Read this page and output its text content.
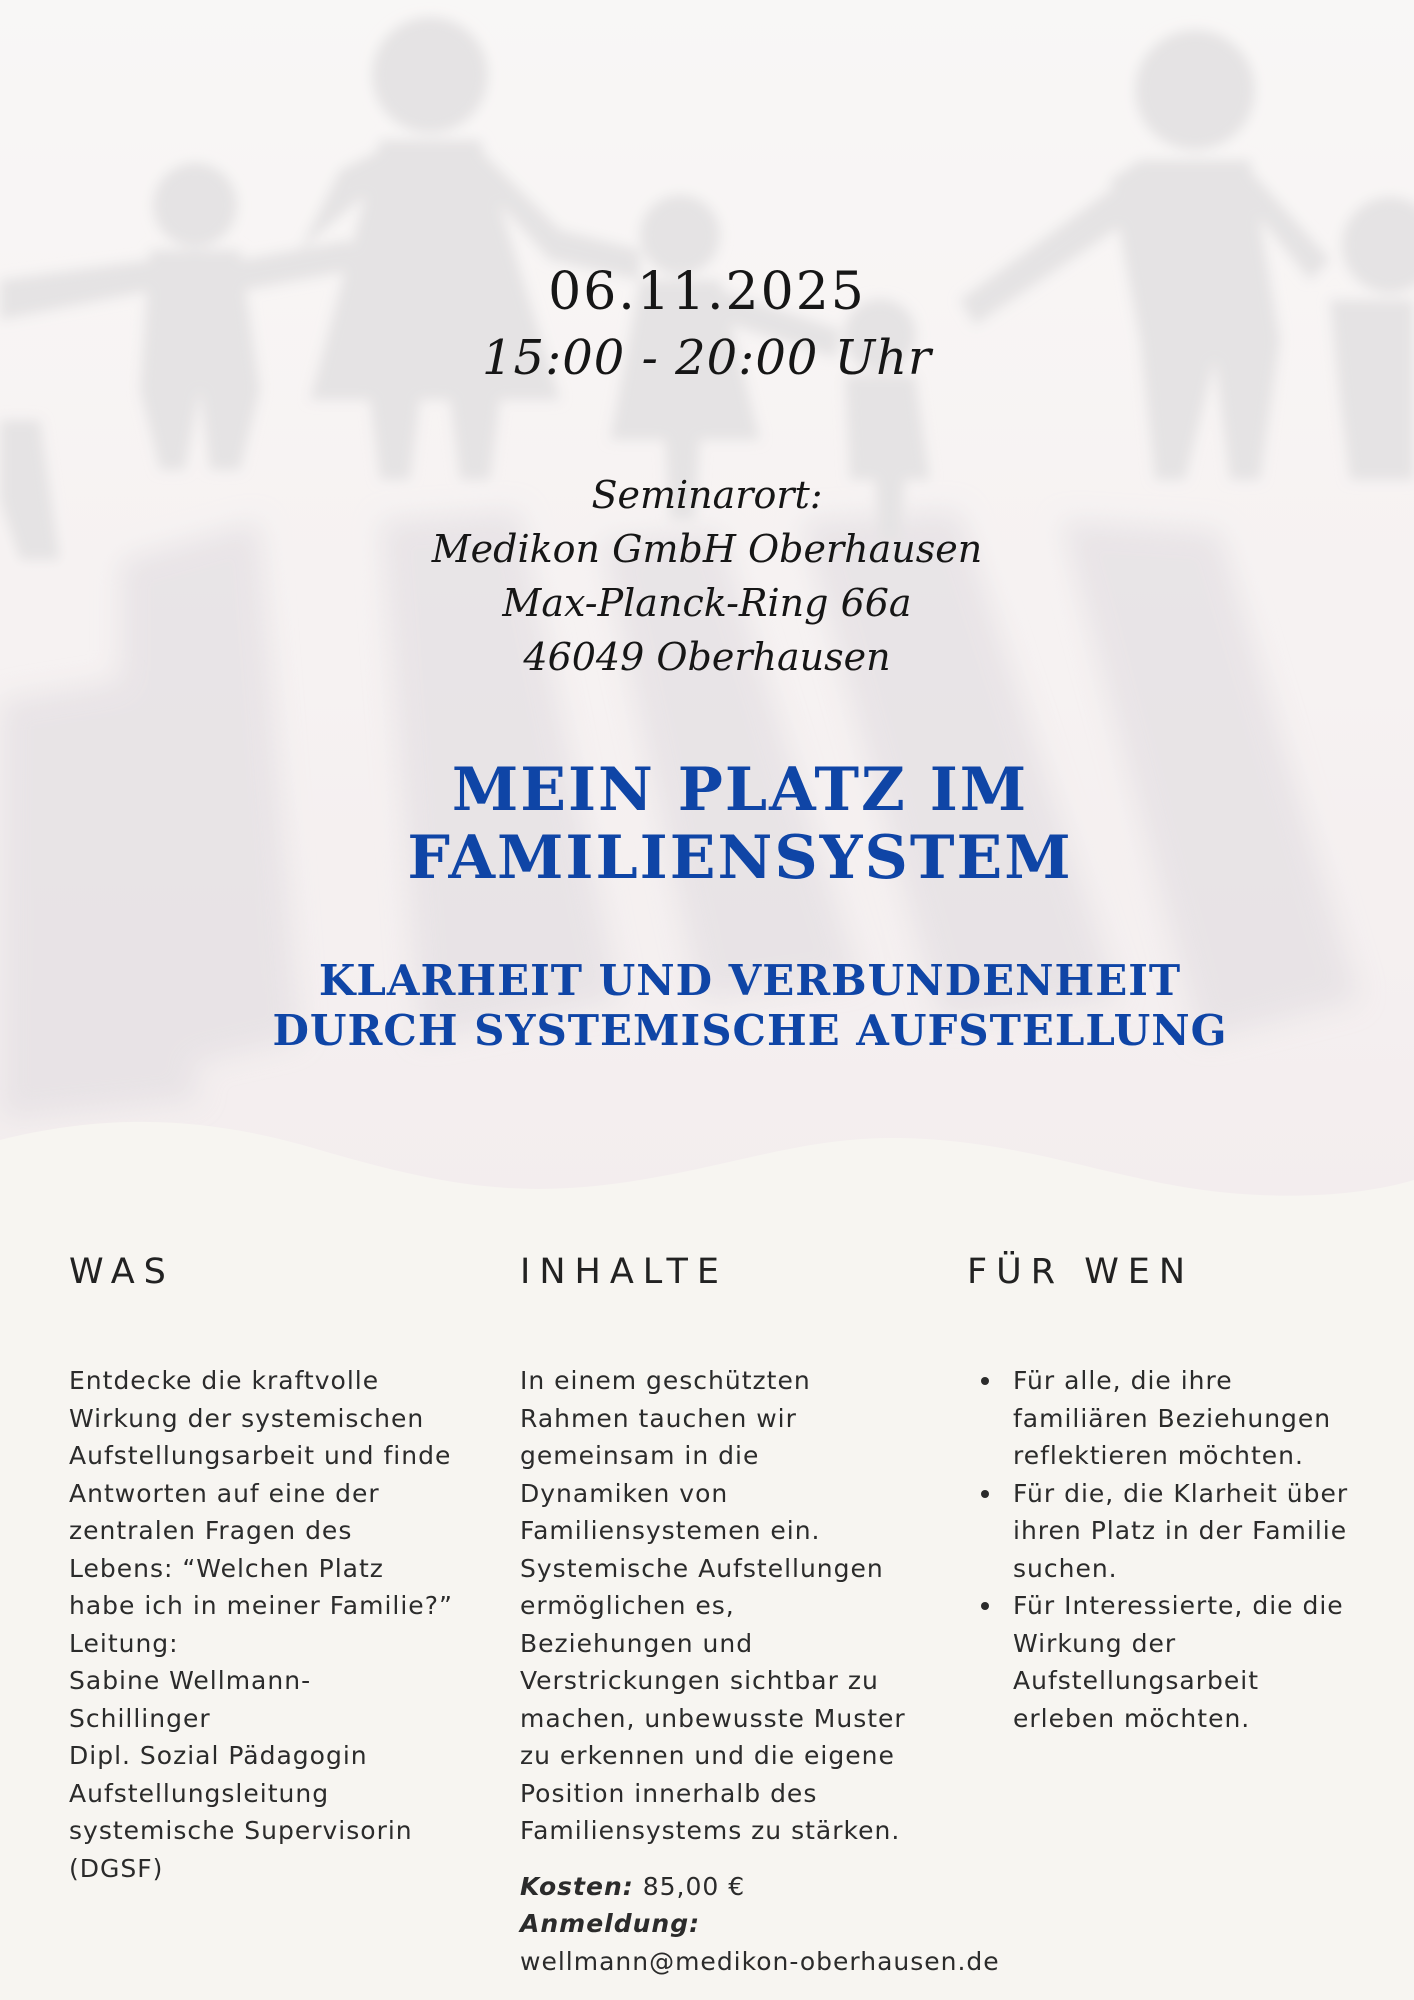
06.11.2025
15:00 - 20:00 Uhr
Seminarort:
Medikon GmbH Oberhausen
Max-Planck-Ring 66a
46049 Oberhausen
MEIN PLATZ IM
FAMILIENSYSTEM
KLARHEIT UND VERBUNDENHEIT
DURCH SYSTEMISCHE AUFSTELLUNG
WAS
Entdecke die kraftvolle
Wirkung der systemischen
Aufstellungsarbeit und finde
Antworten auf eine der
zentralen Fragen des
Lebens: “Welchen Platz
habe ich in meiner Familie?”
Leitung:
Sabine Wellmann-
Schillinger
Dipl. Sozial Pädagogin
Aufstellungsleitung
systemische Supervisorin
(DGSF)
INHALTE
In einem geschützten
Rahmen tauchen wir
gemeinsam in die
Dynamiken von
Familiensystemen ein.
Systemische Aufstellungen
ermöglichen es,
Beziehungen und
Verstrickungen sichtbar zu
machen, unbewusste Muster
zu erkennen und die eigene
Position innerhalb des
Familiensystems zu stärken.
Kosten: 85,00 €
Anmeldung:
wellmann@medikon-oberhausen.de
FÜR WEN
Für alle, die ihre
familiären Beziehungen
reflektieren möchten.
Für die, die Klarheit über
ihren Platz in der Familie
suchen.
Für Interessierte, die die
Wirkung der
Aufstellungsarbeit
erleben möchten.
